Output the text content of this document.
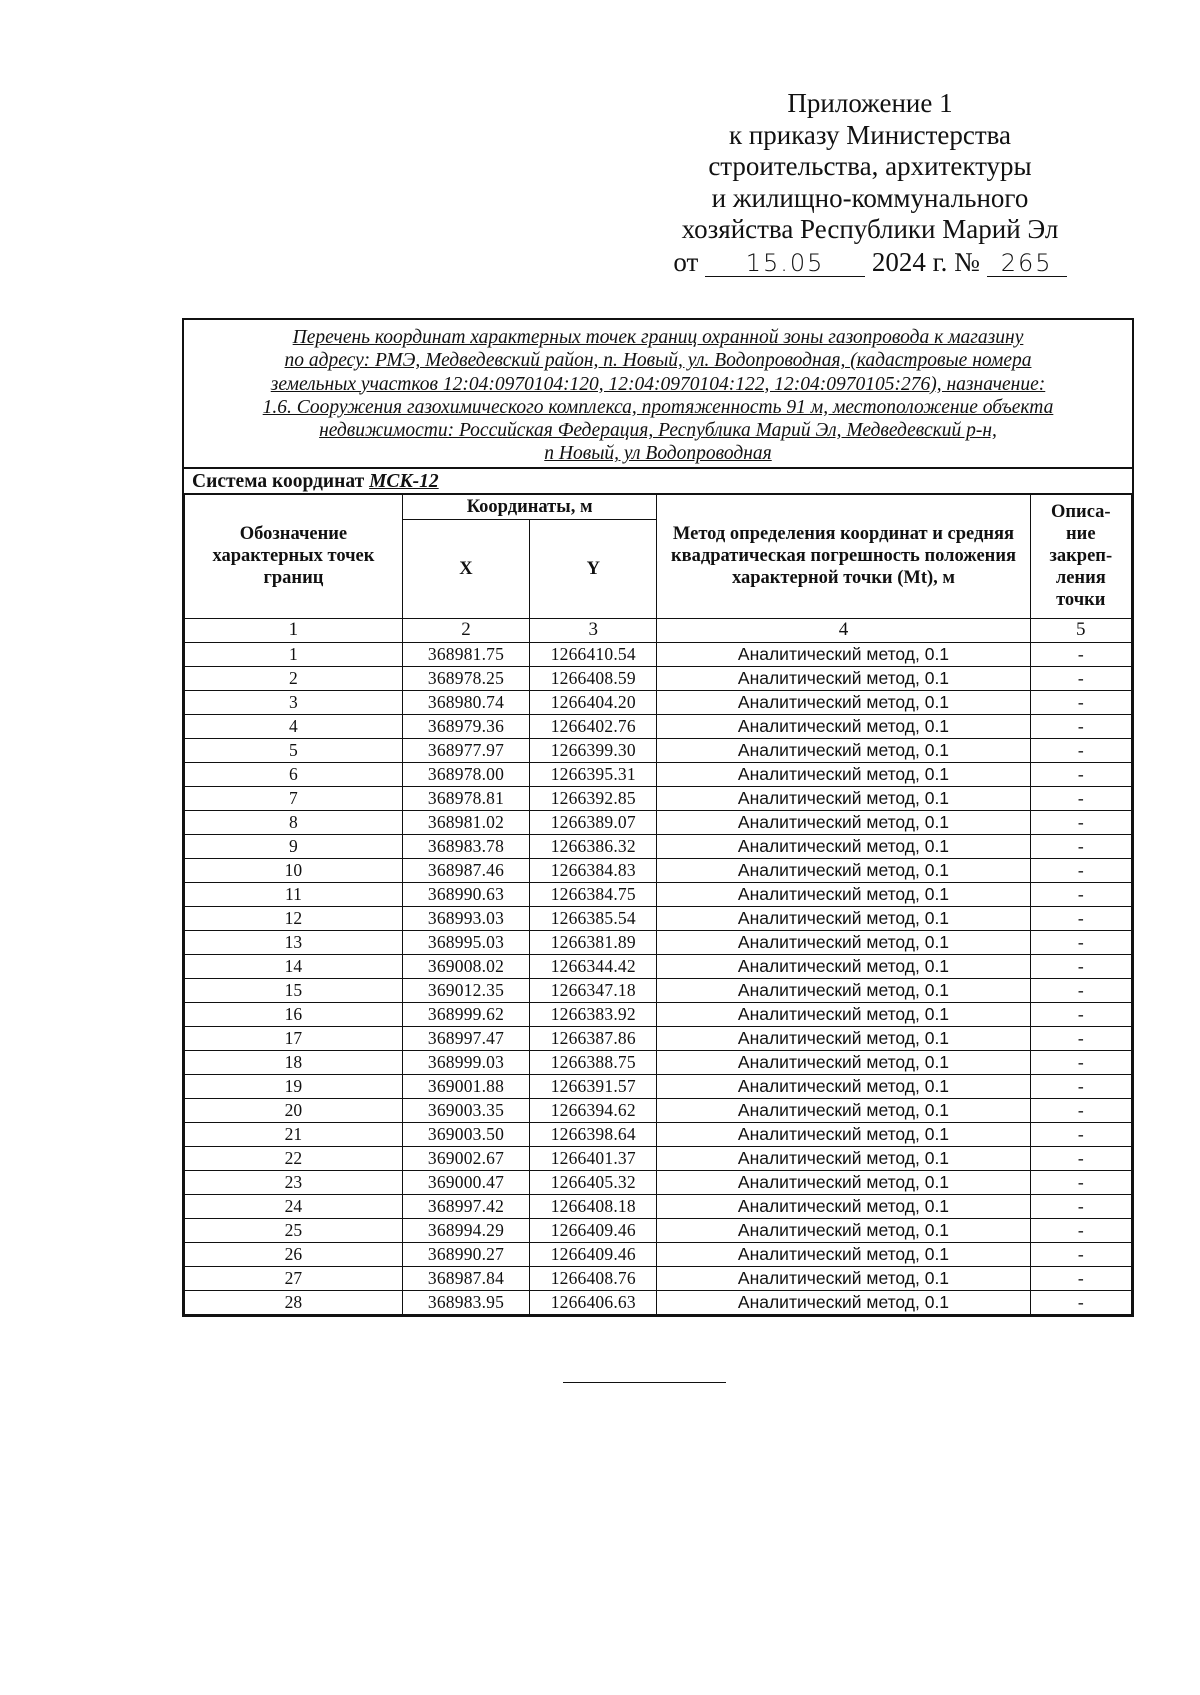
Приложение 1
к приказу Министерства
строительства, архитектуры
и жилищно-коммунального
хозяйства Республики Марий Эл
от 15.05 2024 г. № 265
Перечень координат характерных точек границ охранной зоны газопровода к магазину
по адресу: РМЭ, Медведевский район, п. Новый, ул. Водопроводная, (кадастровые номера
земельных участков 12:04:0970104:120, 12:04:0970104:122, 12:04:0970105:276), назначение:
1.6. Сооружения газохимического комплекса, протяженность 91 м, местоположение объекта
недвижимости: Российская Федерация, Республика Марий Эл, Медведевский р-н,
п Новый, ул Водопроводная
Система координат МСК-12
Обозначение характерных точек границ	Координаты, м		Метод определения координат и средняя квадратическая погрешность положения характерной точки (Mt), м	Описа-
ние
закреп-
ления
точки
	X	Y		
1	2	3	4	5
1	368981.75	1266410.54	Аналитический метод, 0.1	-
2	368978.25	1266408.59	Аналитический метод, 0.1	-
3	368980.74	1266404.20	Аналитический метод, 0.1	-
4	368979.36	1266402.76	Аналитический метод, 0.1	-
5	368977.97	1266399.30	Аналитический метод, 0.1	-
6	368978.00	1266395.31	Аналитический метод, 0.1	-
7	368978.81	1266392.85	Аналитический метод, 0.1	-
8	368981.02	1266389.07	Аналитический метод, 0.1	-
9	368983.78	1266386.32	Аналитический метод, 0.1	-
10	368987.46	1266384.83	Аналитический метод, 0.1	-
11	368990.63	1266384.75	Аналитический метод, 0.1	-
12	368993.03	1266385.54	Аналитический метод, 0.1	-
13	368995.03	1266381.89	Аналитический метод, 0.1	-
14	369008.02	1266344.42	Аналитический метод, 0.1	-
15	369012.35	1266347.18	Аналитический метод, 0.1	-
16	368999.62	1266383.92	Аналитический метод, 0.1	-
17	368997.47	1266387.86	Аналитический метод, 0.1	-
18	368999.03	1266388.75	Аналитический метод, 0.1	-
19	369001.88	1266391.57	Аналитический метод, 0.1	-
20	369003.35	1266394.62	Аналитический метод, 0.1	-
21	369003.50	1266398.64	Аналитический метод, 0.1	-
22	369002.67	1266401.37	Аналитический метод, 0.1	-
23	369000.47	1266405.32	Аналитический метод, 0.1	-
24	368997.42	1266408.18	Аналитический метод, 0.1	-
25	368994.29	1266409.46	Аналитический метод, 0.1	-
26	368990.27	1266409.46	Аналитический метод, 0.1	-
27	368987.84	1266408.76	Аналитический метод, 0.1	-
28	368983.95	1266406.63	Аналитический метод, 0.1	-
